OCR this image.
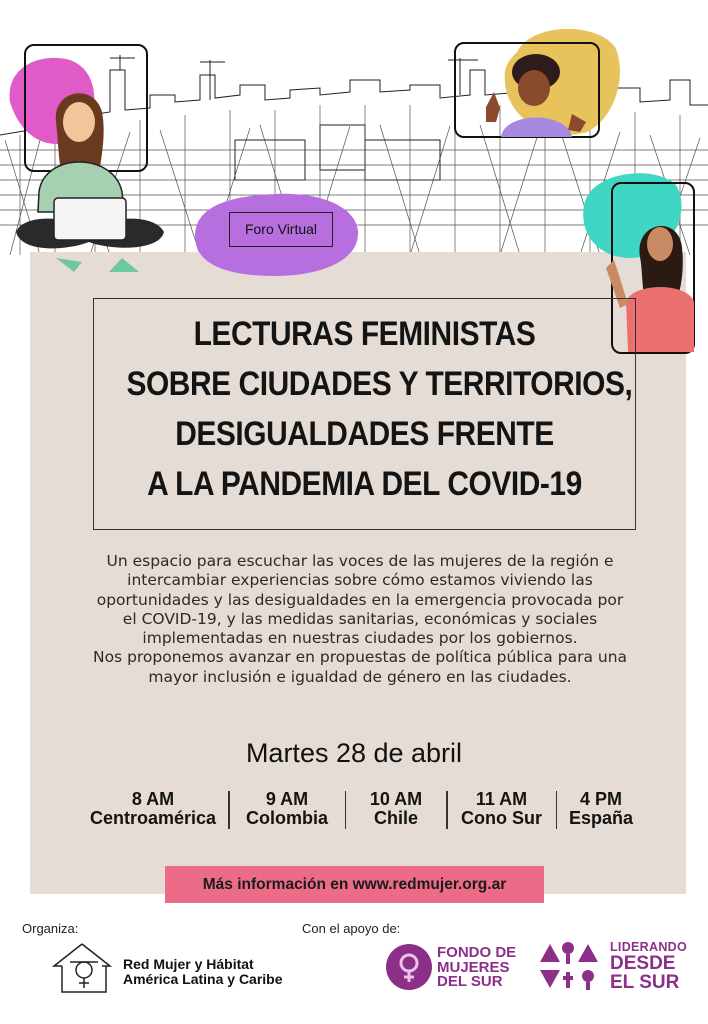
Foro Virtual
LECTURAS FEMINISTAS
SOBRE CIUDADES Y TERRITORIOS,
DESIGUALDADES FRENTE
A LA PANDEMIA DEL COVID-19
Un espacio para escuchar las voces de las mujeres de la región e
intercambiar experiencias sobre cómo estamos viviendo las
oportunidades y las desigualdades en la emergencia provocada por
el COVID-19, y las medidas sanitarias, económicas y sociales
implementadas en nuestras ciudades por los gobiernos.
Nos proponemos avanzar en propuestas de política pública para una
mayor inclusión e igualdad de género en las ciudades.
Martes 28 de abril
8 AM
Centroamérica
9 AM
Colombia
10 AM
Chile
11 AM
Cono Sur
4 PM
España
Más información en www.redmujer.org.ar
Organiza:
Red Mujer y Hábitat
América Latina y Caribe
Con el apoyo de:
FONDO DE
MUJERES
DEL SUR
LIDERANDO
DESDE
EL SUR
